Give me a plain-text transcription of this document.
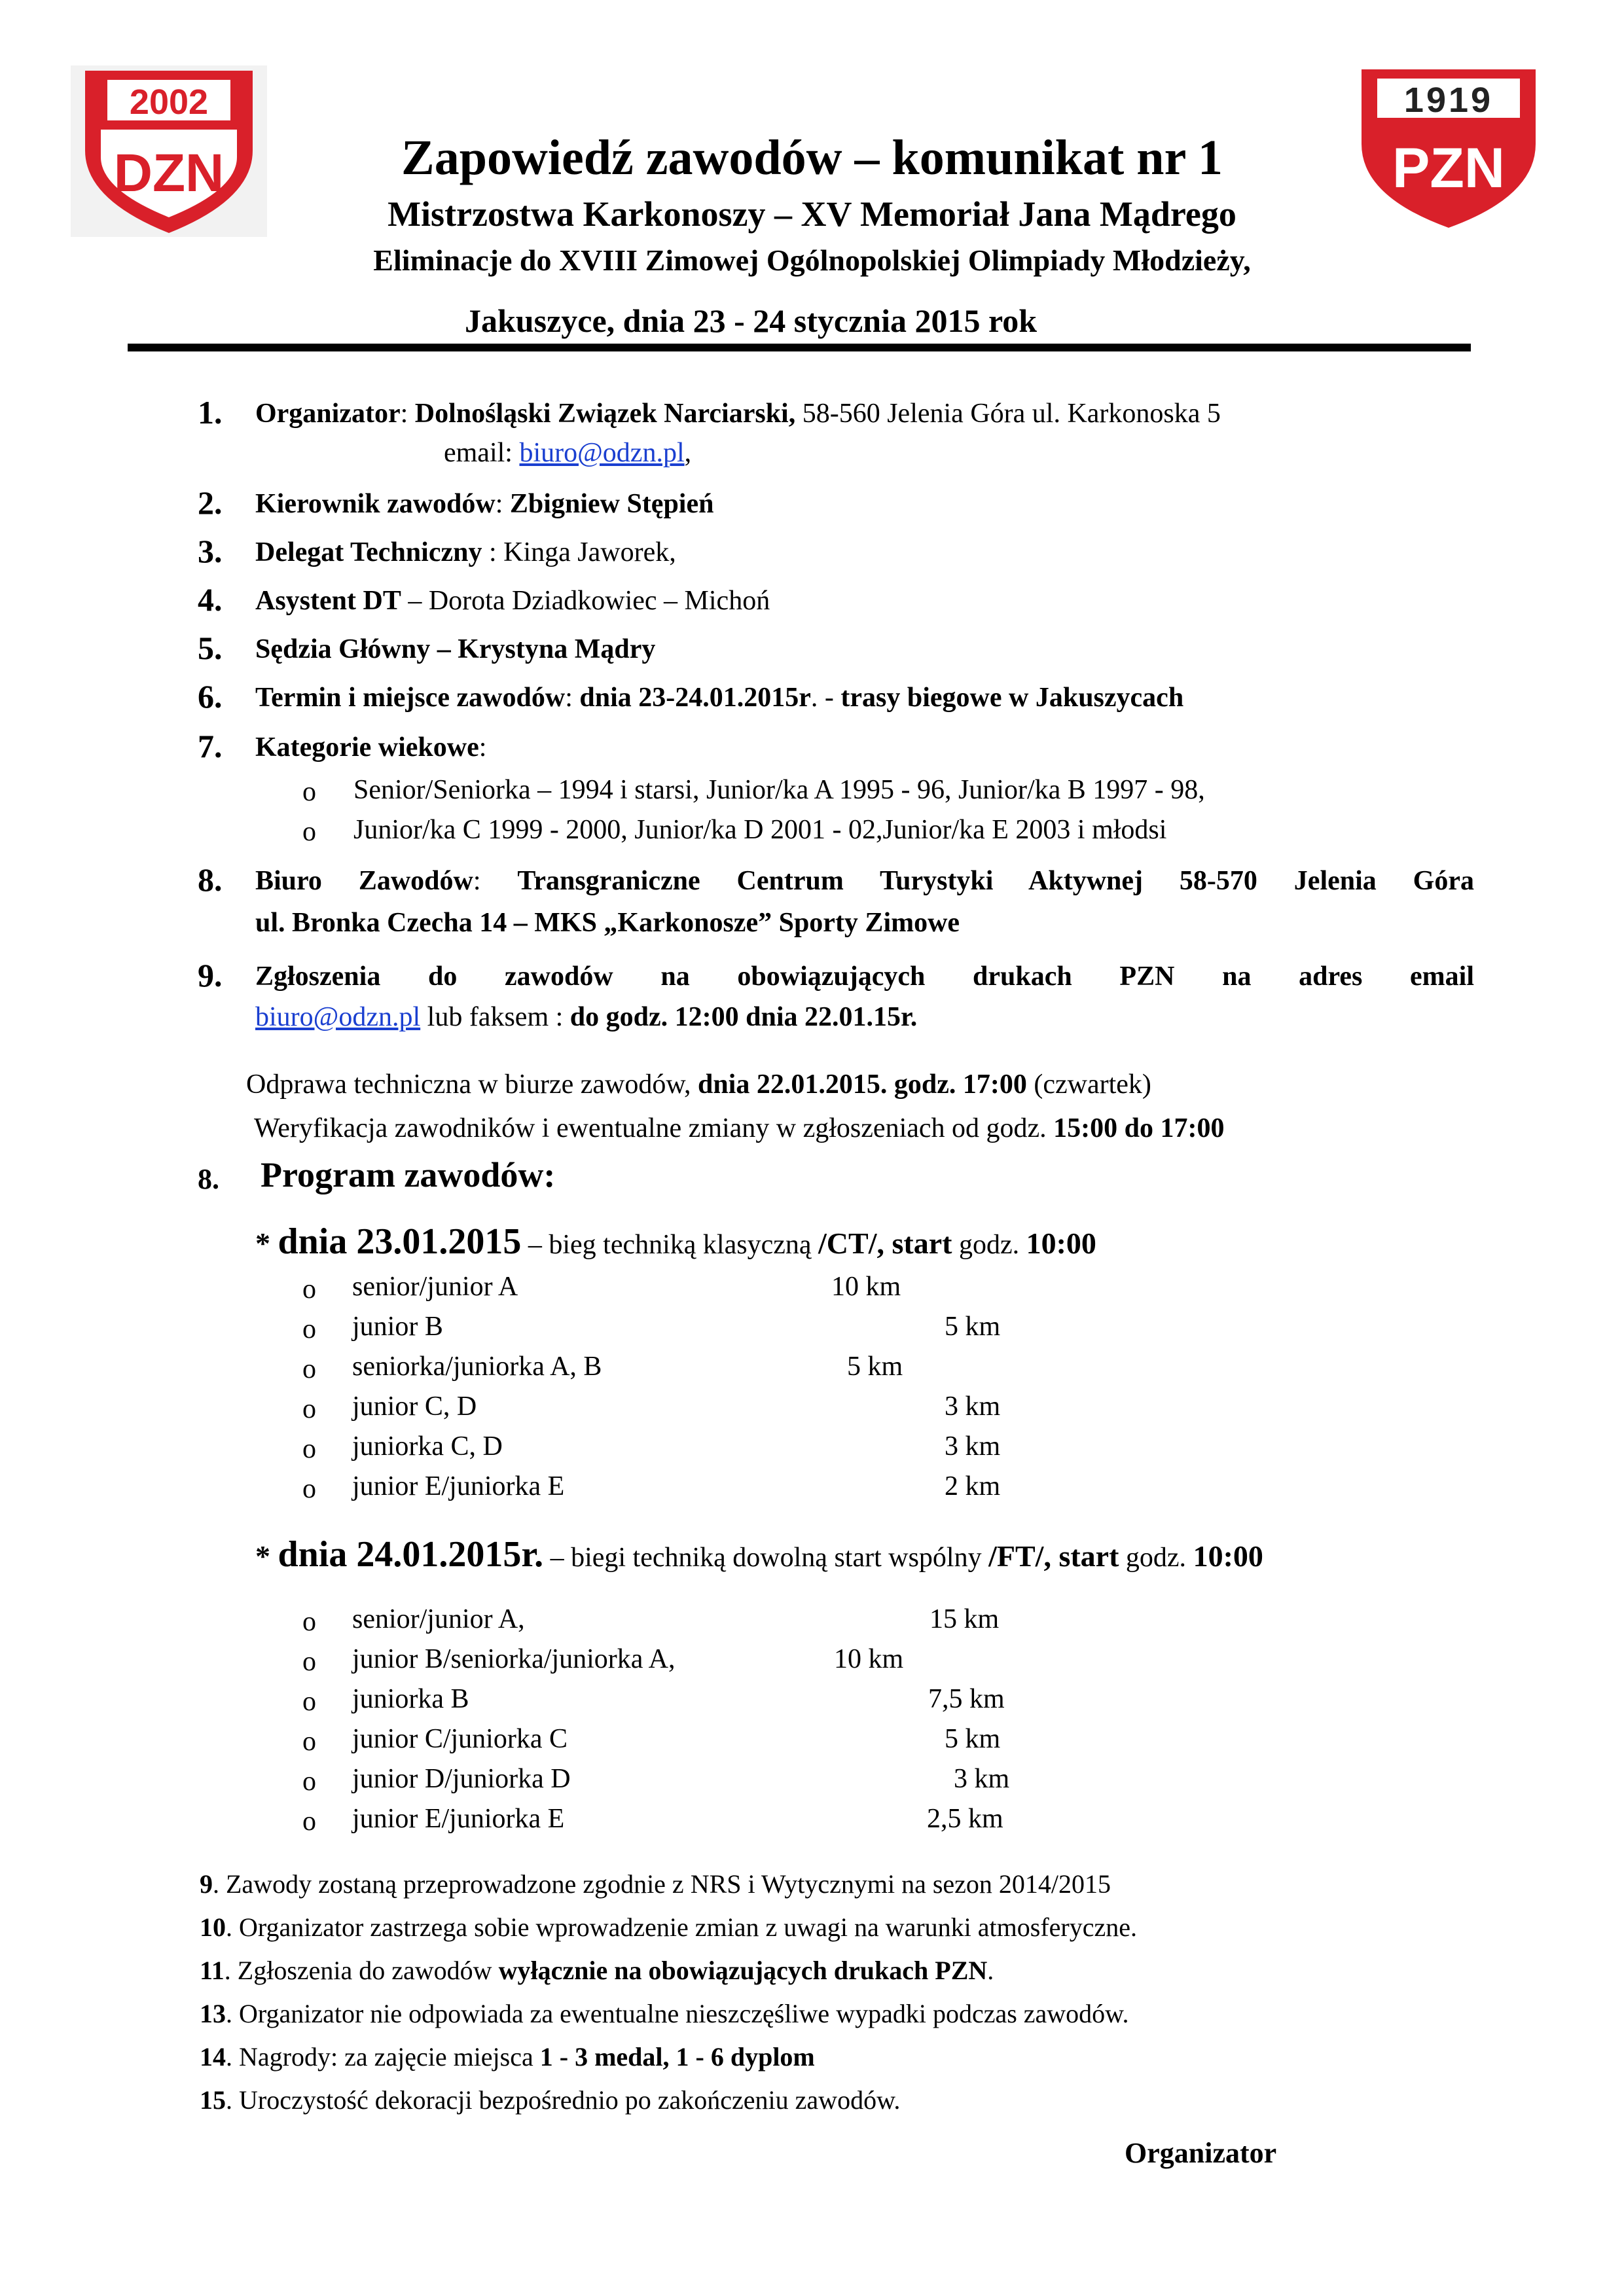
2002
DZN
1919
PZN
Zapowiedź zawodów – komunikat nr 1
Mistrzostwa Karkonoszy – XV Memoriał Jana Mądrego
Eliminacje do XVIII Zimowej Ogólnopolskiej Olimpiady Młodzieży,
Jakuszyce, dnia 23 - 24 stycznia 2015 rok
1. Organizator: Dolnośląski Związek Narciarski, 58-560 Jelenia Góra ul. Karkonoska 5
email: biuro@odzn.pl,
2. Kierownik zawodów: Zbigniew Stępień
3. Delegat Techniczny : Kinga Jaworek,
4. Asystent DT – Dorota Dziadkowiec – Michoń
5. Sędzia Główny – Krystyna Mądry
6. Termin i miejsce zawodów: dnia 23-24.01.2015r. - trasy biegowe w Jakuszycach
7. Kategorie wiekowe:
o Senior/Seniorka – 1994 i starsi, Junior/ka A 1995 - 96, Junior/ka B 1997 - 98,
o Junior/ka C 1999 - 2000, Junior/ka D 2001 - 02,Junior/ka E 2003 i młodsi
8. Biuro Zawodów: Transgraniczne Centrum Turystyki Aktywnej 58-570 Jelenia Góra
ul. Bronka Czecha 14 – MKS „Karkonosze” Sporty Zimowe
9. Zgłoszenia do zawodów na obowiązujących drukach PZN na adres email
biuro@odzn.pl lub faksem : do godz. 12:00 dnia 22.01.15r.
Odprawa techniczna w biurze zawodów, dnia 22.01.2015. godz. 17:00 (czwartek)
Weryfikacja zawodników i ewentualne zmiany w zgłoszeniach od godz. 15:00 do 17:00
8. Program zawodów:
* dnia 23.01.2015 – bieg techniką klasyczną /CT/, start godz. 10:00
o senior/junior A	10 km
o junior B	5 km
o seniorka/juniorka A, B	5 km
o junior C, D	3 km
o juniorka C, D	3 km
o junior E/juniorka E	2 km
* dnia 24.01.2015r. – biegi techniką dowolną start wspólny /FT/, start godz. 10:00
o senior/junior A,	15 km
o junior B/seniorka/juniorka A,	10 km
o juniorka B	7,5 km
o junior C/juniorka C	5 km
o junior D/juniorka D	3 km
o junior E/juniorka E	2,5 km
9. Zawody zostaną przeprowadzone zgodnie z NRS i Wytycznymi na sezon 2014/2015
10. Organizator zastrzega sobie wprowadzenie zmian z uwagi na warunki atmosferyczne.
11. Zgłoszenia do zawodów wyłącznie na obowiązujących drukach PZN.
13. Organizator nie odpowiada za ewentualne nieszczęśliwe wypadki podczas zawodów.
14. Nagrody: za zajęcie miejsca 1 - 3 medal, 1 - 6 dyplom
15. Uroczystość dekoracji bezpośrednio po zakończeniu zawodów.
Organizator
